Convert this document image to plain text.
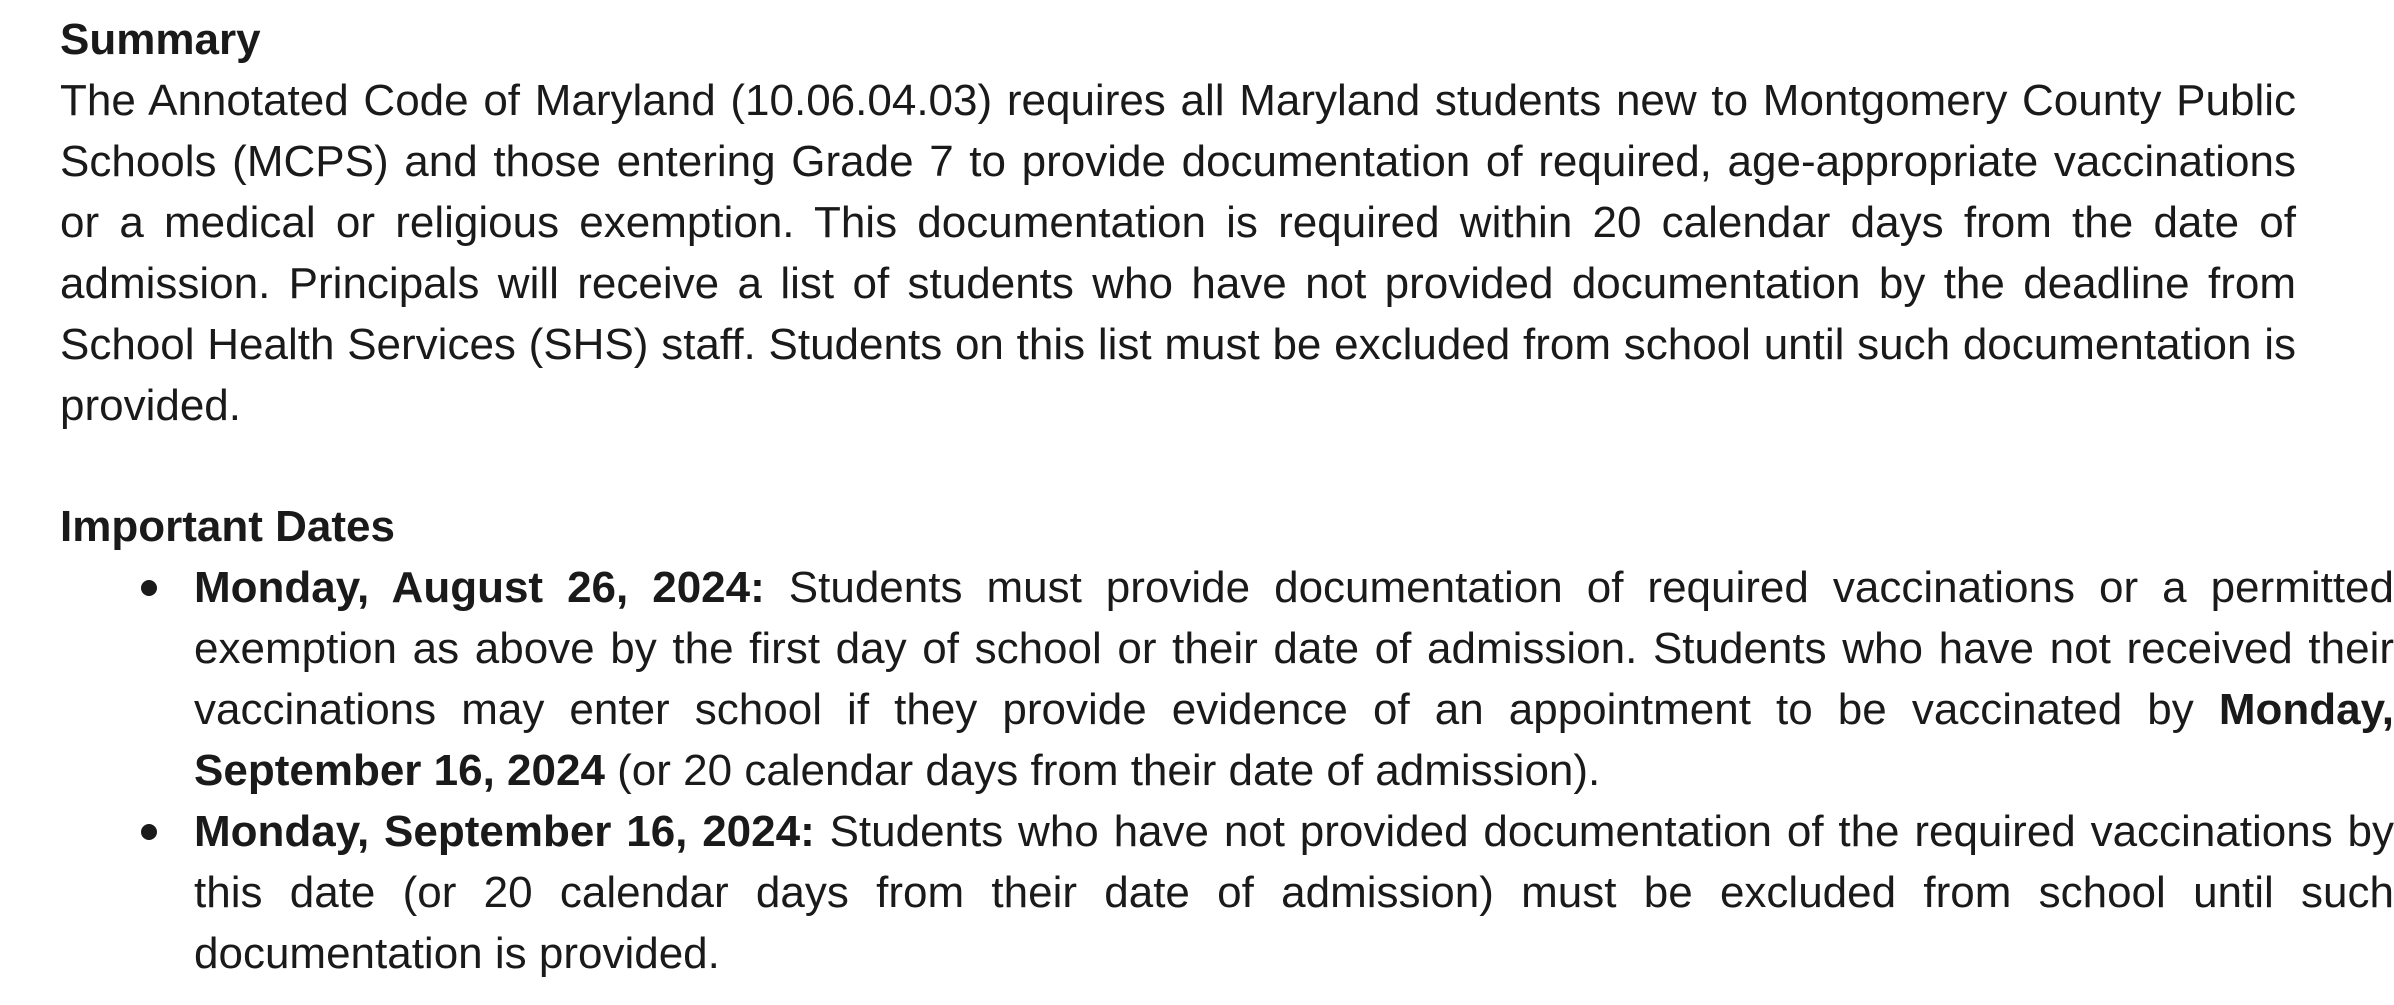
Summary

The Annotated Code of Maryland (10.06.04.03) requires all Maryland students new to Montgomery County Public Schools (MCPS) and those entering Grade 7 to provide documentation of required, age-appropriate vaccinations or a medical or religious exemption. This documentation is required within 20 calendar days from the date of admission. Principals will receive a list of students who have not provided documentation by the deadline from School Health Services (SHS) staff. Students on this list must be excluded from school until such documentation is provided.

Important Dates

Monday, August 26, 2024: Students must provide documentation of required vaccinations or a permitted exemption as above by the first day of school or their date of admission. Students who have not received their vaccinations may enter school if they provide evidence of an appointment to be vaccinated by Monday, September 16, 2024 (or 20 calendar days from their date of admission).
Monday, September 16, 2024: Students who have not provided documentation of the required vaccinations by this date (or 20 calendar days from their date of admission) must be excluded from school until such documentation is provided.
